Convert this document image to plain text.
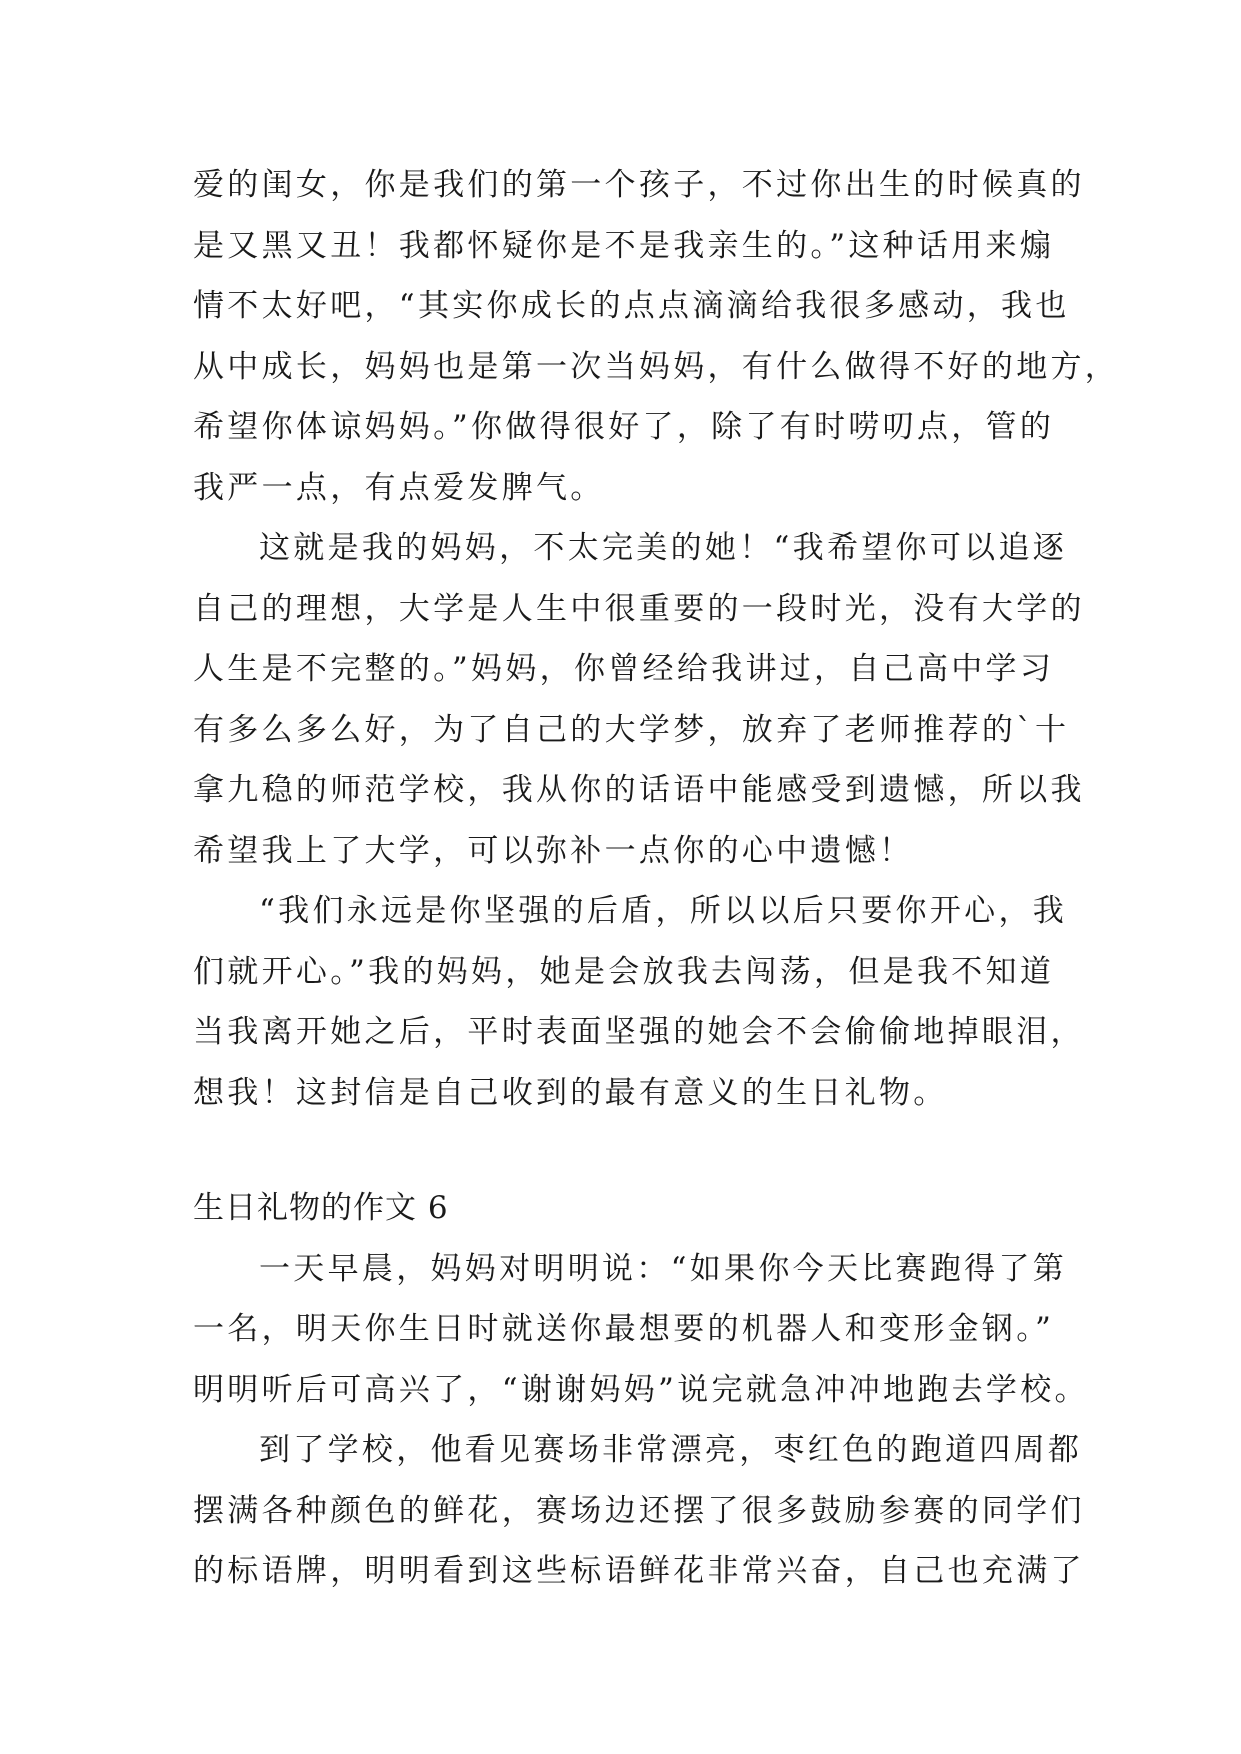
爱的闺女，你是我们的第一个孩子，不过你出生的时候真的
是又黑又丑！我都怀疑你是不是我亲生的。”这种话用来煽
情不太好吧，“其实你成长的点点滴滴给我很多感动，我也
从中成长，妈妈也是第一次当妈妈，有什么做得不好的地方，
希望你体谅妈妈。”你做得很好了，除了有时唠叨点，管的
我严一点，有点爱发脾气。
这就是我的妈妈，不太完美的她！“我希望你可以追逐
自己的理想，大学是人生中很重要的一段时光，没有大学的
人生是不完整的。”妈妈，你曾经给我讲过，自己高中学习
有多么多么好，为了自己的大学梦，放弃了老师推荐的`十
拿九稳的师范学校，我从你的话语中能感受到遗憾，所以我
希望我上了大学，可以弥补一点你的心中遗憾！
“我们永远是你坚强的后盾，所以以后只要你开心，我
们就开心。”我的妈妈，她是会放我去闯荡，但是我不知道
当我离开她之后，平时表面坚强的她会不会偷偷地掉眼泪，
想我！这封信是自己收到的最有意义的生日礼物。
生日礼物的作文 6
一天早晨，妈妈对明明说：“如果你今天比赛跑得了第
一名，明天你生日时就送你最想要的机器人和变形金钢。”
明明听后可高兴了，“谢谢妈妈”说完就急冲冲地跑去学校。
到了学校，他看见赛场非常漂亮，枣红色的跑道四周都
摆满各种颜色的鲜花，赛场边还摆了很多鼓励参赛的同学们
的标语牌，明明看到这些标语鲜花非常兴奋，自己也充满了
